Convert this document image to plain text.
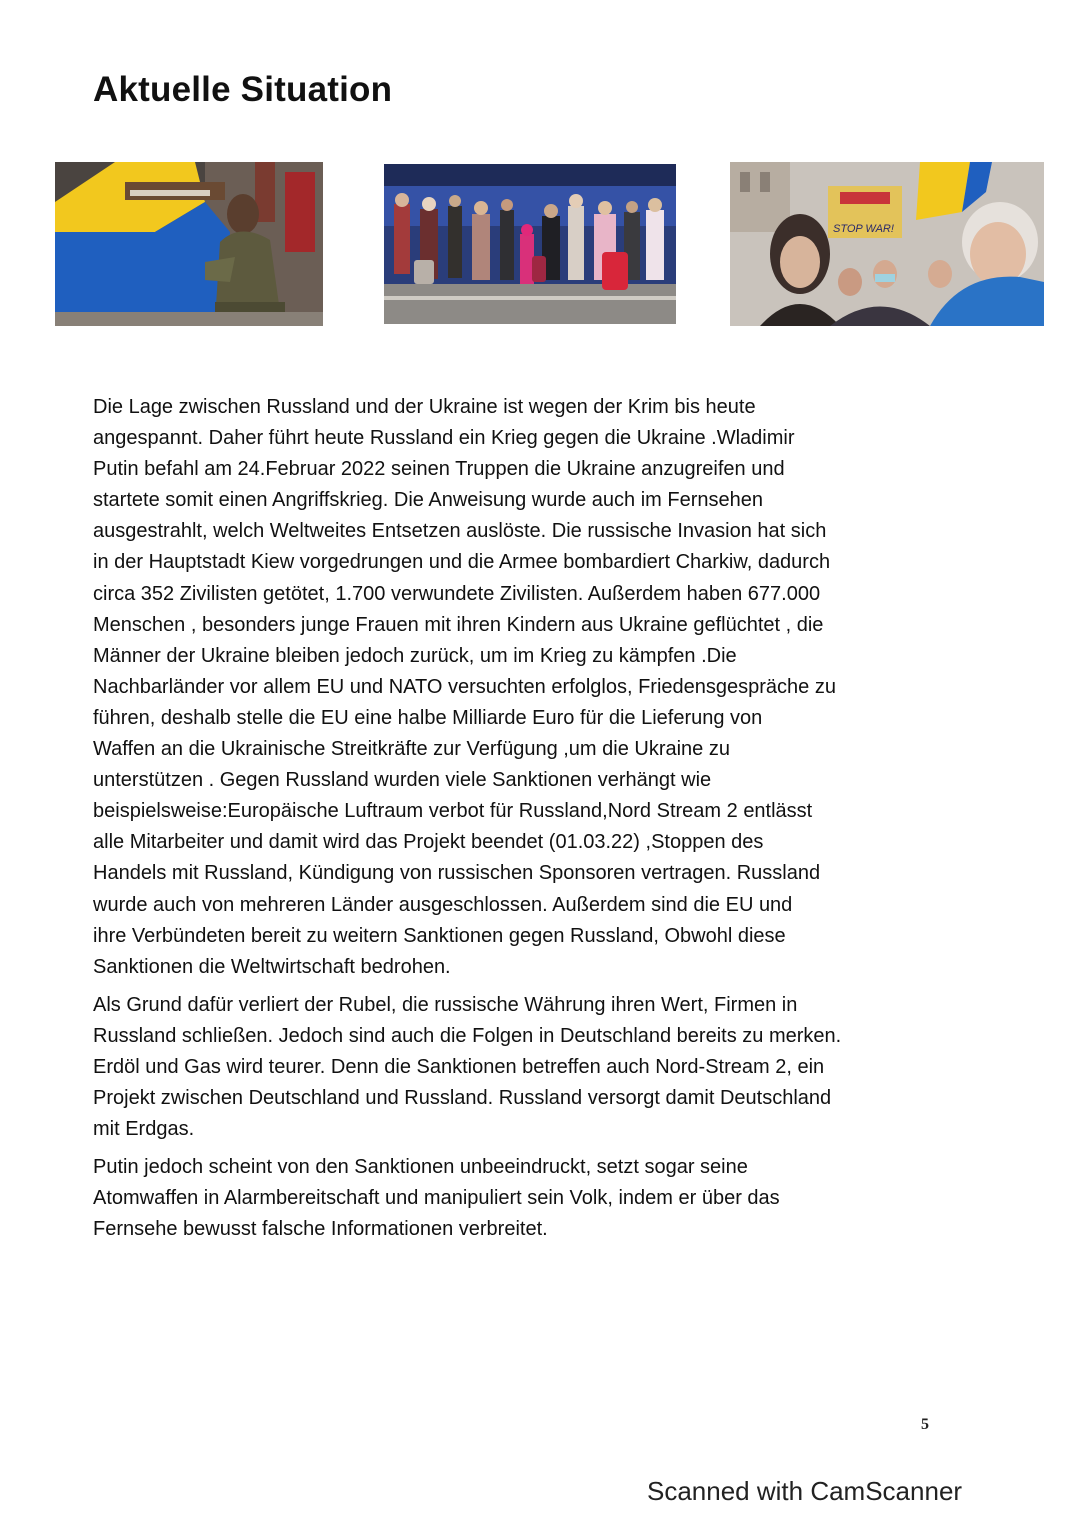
Aktuelle Situation
STOP WAR!

Die Lage zwischen Russland und der Ukraine ist wegen der Krim bis heute
angespannt. Daher führt heute Russland ein Krieg gegen die Ukraine .Wladimir
Putin befahl am 24.Februar 2022 seinen Truppen die Ukraine anzugreifen und
startete somit einen Angriffskrieg. Die Anweisung wurde auch im Fernsehen
ausgestrahlt, welch Weltweites Entsetzen auslöste. Die russische Invasion hat sich
in der Hauptstadt Kiew vorgedrungen und die Armee bombardiert Charkiw, dadurch
circa 352 Zivilisten getötet, 1.700 verwundete Zivilisten. Außerdem haben 677.000
Menschen , besonders junge Frauen mit ihren Kindern aus Ukraine geflüchtet , die
Männer der Ukraine bleiben jedoch zurück, um im Krieg zu kämpfen .Die
Nachbarländer vor allem EU und NATO versuchten erfolglos, Friedensgespräche zu
führen, deshalb stelle die EU eine halbe Milliarde Euro für die Lieferung von
Waffen an die Ukrainische Streitkräfte zur Verfügung ,um die Ukraine zu
unterstützen . Gegen Russland wurden viele Sanktionen verhängt wie
beispielsweise:Europäische Luftraum verbot für Russland,Nord Stream 2 entlässt
alle Mitarbeiter und damit wird das Projekt beendet (01.03.22) ,Stoppen des
Handels mit Russland, Kündigung von russischen Sponsoren vertragen. Russland
wurde auch von mehreren Länder ausgeschlossen. Außerdem sind die EU und
ihre Verbündeten bereit zu weitern Sanktionen gegen Russland, Obwohl diese
Sanktionen die Weltwirtschaft bedrohen.

Als Grund dafür verliert der Rubel, die russische Währung ihren Wert, Firmen in
Russland schließen. Jedoch sind auch die Folgen in Deutschland bereits zu merken.
Erdöl und Gas wird teurer. Denn die Sanktionen betreffen auch Nord-Stream 2, ein
Projekt zwischen Deutschland und Russland. Russland versorgt damit Deutschland
mit Erdgas.

Putin jedoch scheint von den Sanktionen unbeeindruckt, setzt sogar seine
Atomwaffen in Alarmbereitschaft und manipuliert sein Volk, indem er über das
Fernsehe bewusst falsche Informationen verbreitet.

5
Scanned with CamScanner
